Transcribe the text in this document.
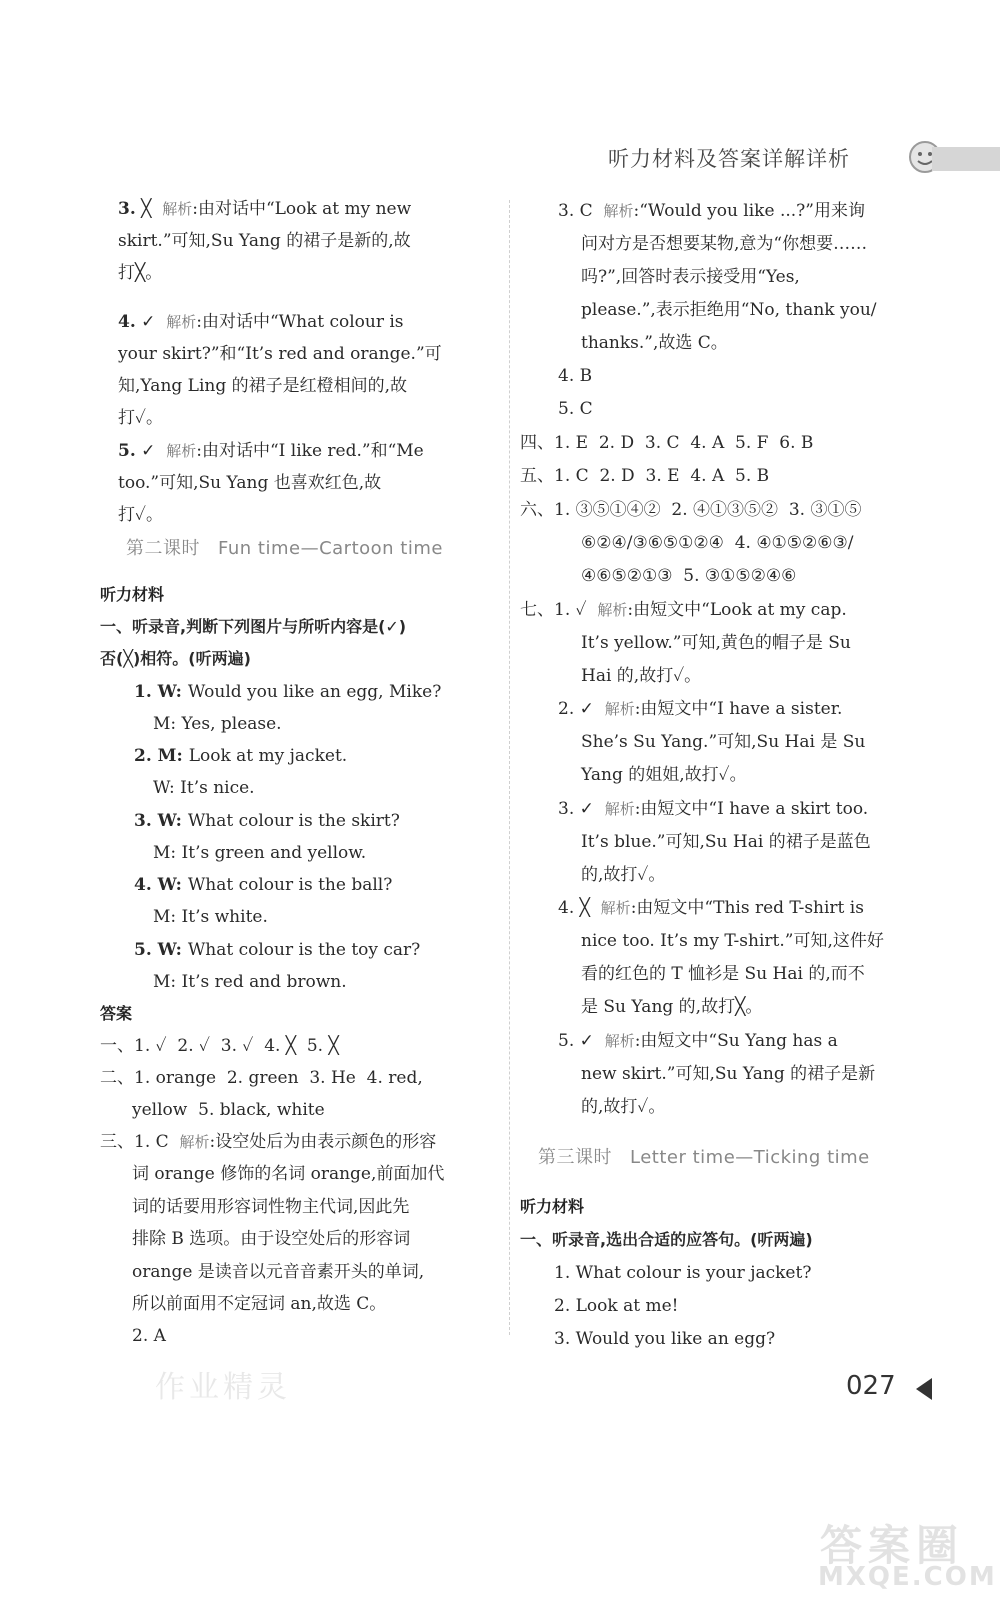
听力材料及答案详解详析
第二课时 Fun time—Cartoon time
听力材料
一、听录音,判断下列图片与所听内容是(✓)
否(╳)相符。(听两遍)
答案
3. ╳  解析:由对话中“Look at my new
skirt.”可知,Su Yang 的裙子是新的,故
打╳。
4. ✓  解析:由对话中“What colour is
your skirt?”和“It’s red and orange.”可
知,Yang Ling 的裙子是红橙相间的,故
打✓。
5. ✓  解析:由对话中“I like red.”和“Me
too.”可知,Su Yang 也喜欢红色,故
打✓。
1. W: Would you like an egg, Mike?
M: Yes, please.
2. M: Look at my jacket.
W: It’s nice.
3. W: What colour is the skirt?
M: It’s green and yellow.
4. W: What colour is the ball?
M: It’s white.
5. W: What colour is the toy car?
M: It’s red and brown.
一、1. ✓  2. ✓  3. ✓  4. ╳  5. ╳
二、1. orange  2. green  3. He  4. red,
yellow  5. black, white
三、1. C  解析:设空处后为由表示颜色的形容
词 orange 修饰的名词 orange,前面加代
词的话要用形容词性物主代词,因此先
排除 B 选项。由于设空处后的形容词
orange 是读音以元音音素开头的单词,
所以前面用不定冠词 an,故选 C。
2. A
第三课时 Letter time—Ticking time
听力材料
一、听录音,选出合适的应答句。(听两遍)
3. C  解析:“Would you like ...?”用来询
问对方是否想要某物,意为“你想要……
吗?”,回答时表示接受用“Yes,
please.”,表示拒绝用“No, thank you/
thanks.”,故选 C。
4. B
5. C
四、1. E  2. D  3. C  4. A  5. F  6. B
五、1. C  2. D  3. E  4. A  5. B
六、1. ③⑤①④②  2. ④①③⑤②  3. ③①⑤
⑥②④/③⑥⑤①②④  4. ④①⑤②⑥③/
④⑥⑤②①③  5. ③①⑤②④⑥
七、1. ✓  解析:由短文中“Look at my cap.
It’s yellow.”可知,黄色的帽子是 Su
Hai 的,故打✓。
2. ✓  解析:由短文中“I have a sister.
She’s Su Yang.”可知,Su Hai 是 Su
Yang 的姐姐,故打✓。
3. ✓  解析:由短文中“I have a skirt too.
It’s blue.”可知,Su Hai 的裙子是蓝色
的,故打✓。
4. ╳  解析:由短文中“This red T-shirt is
nice too. It’s my T-shirt.”可知,这件好
看的红色的 T 恤衫是 Su Hai 的,而不
是 Su Yang 的,故打╳。
5. ✓  解析:由短文中“Su Yang has a
new skirt.”可知,Su Yang 的裙子是新
的,故打✓。
1. What colour is your jacket?
2. Look at me!
3. Would you like an egg?
027
作业精灵
答案圈
MXQE.COM
